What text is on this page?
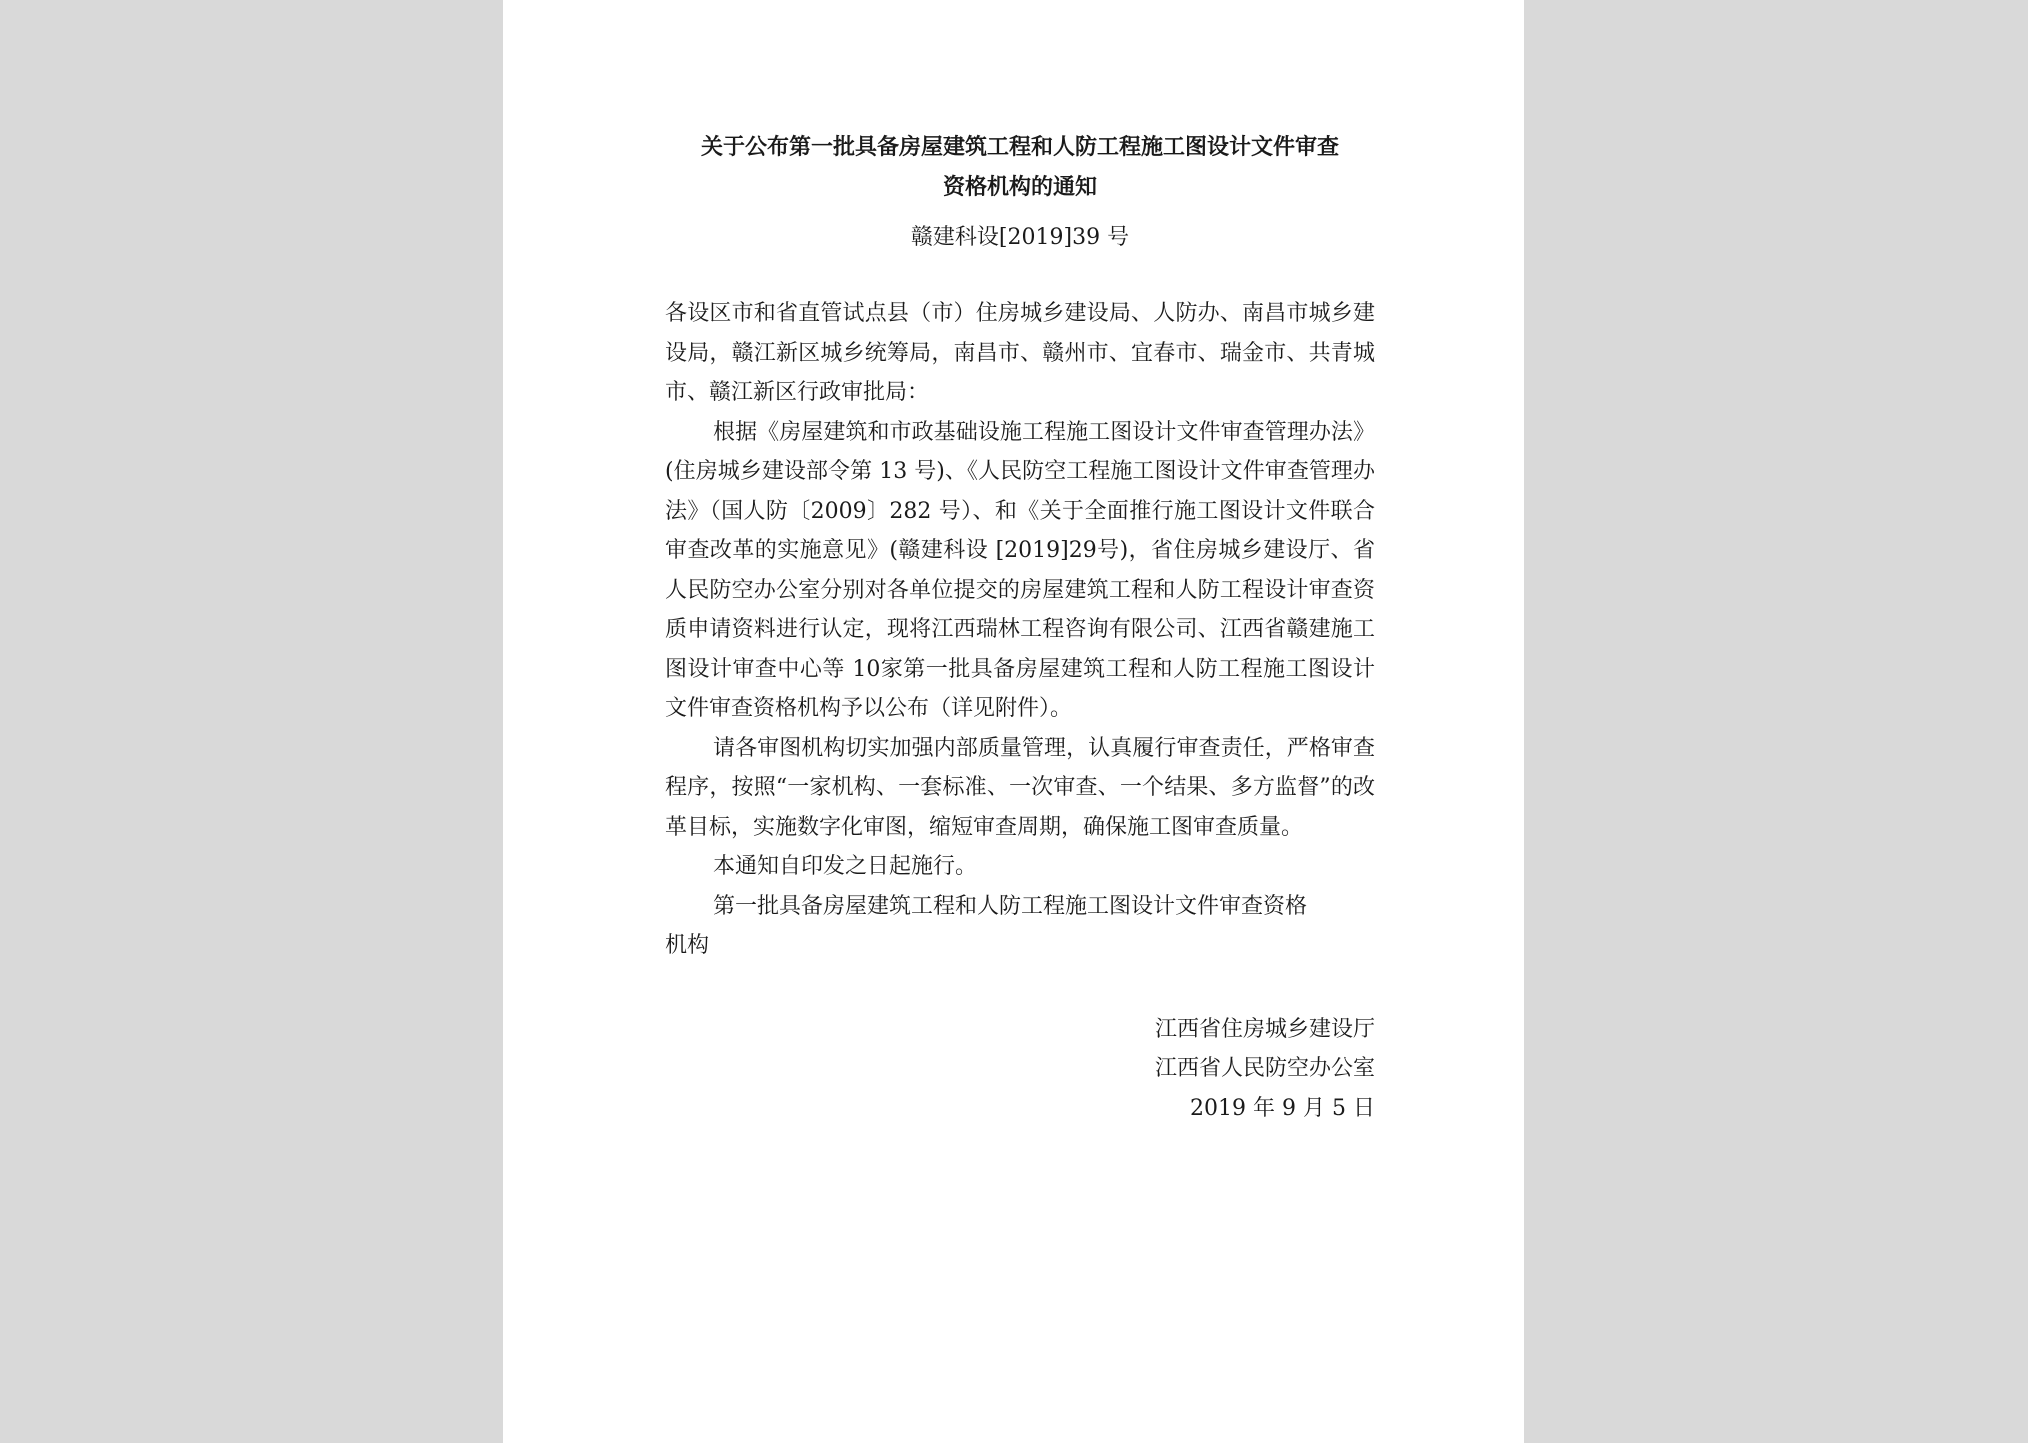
关于公布第一批具备房屋建筑工程和人防工程施工图设计文件审查
资格机构的通知
赣建科设[2019]39 号

各设区市和省直管试点县（市）住房城乡建设局、人防办、南昌市城乡建设局，赣江新区城乡统筹局，南昌市、赣州市、宜春市、瑞金市、共青城市、赣江新区行政审批局：

根据《房屋建筑和市政基础设施工程施工图设计文件审查管理办法》(住房城乡建设部令第 13 号)、《人民防空工程施工图设计文件审查管理办法》（国人防〔2009〕282 号）、和《关于全面推行施工图设计文件联合审查改革的实施意见》(赣建科设 [2019]29号)，省住房城乡建设厅、省人民防空办公室分别对各单位提交的房屋建筑工程和人防工程设计审查资质申请资料进行认定，现将江西瑞林工程咨询有限公司、江西省赣建施工图设计审查中心等 10家第一批具备房屋建筑工程和人防工程施工图设计文件审查资格机构予以公布（详见附件）。

请各审图机构切实加强内部质量管理，认真履行审查责任，严格审查程序，按照“一家机构、一套标准、一次审查、一个结果、多方监督”的改革目标，实施数字化审图，缩短审查周期，确保施工图审查质量。

本通知自印发之日起施行。

第一批具备房屋建筑工程和人防工程施工图设计文件审查资格

机构

江西省住房城乡建设厅
江西省人民防空办公室
2019 年 9 月 5 日
